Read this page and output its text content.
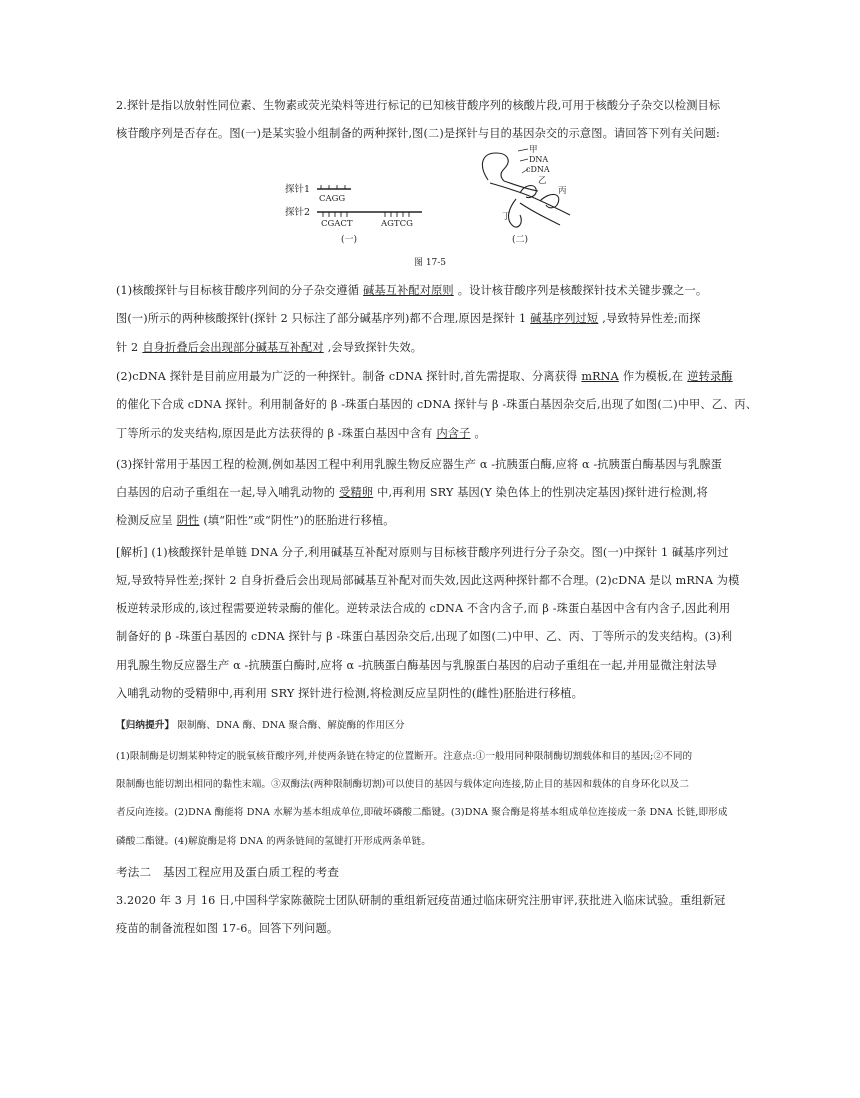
2.探针是指以放射性同位素、生物素或荧光染料等进行标记的已知核苷酸序列的核酸片段,可用于核酸分子杂交以检测目标
核苷酸序列是否存在。图(一)是某实验小组制备的两种探针,图(二)是探针与目的基因杂交的示意图。请回答下列有关问题:
探针1
CAGG
探针2
CGACT	AGTCG
(一)
甲
DNA
cDNA
乙
丙
丁
(二)
图 17-5
(1)核酸探针与目标核苷酸序列间的分子杂交遵循 碱基互补配对原则 。设计核苷酸序列是核酸探针技术关键步骤之一。
图(一)所示的两种核酸探针(探针 2 只标注了部分碱基序列)都不合理,原因是探针 1 碱基序列过短 ,导致特异性差;而探
针 2 自身折叠后会出现部分碱基互补配对 ,会导致探针失效。
(2)cDNA 探针是目前应用最为广泛的一种探针。制备 cDNA 探针时,首先需提取、分离获得 mRNA 作为模板,在 逆转录酶
的催化下合成 cDNA 探针。利用制备好的 β -珠蛋白基因的 cDNA 探针与 β -珠蛋白基因杂交后,出现了如图(二)中甲、乙、丙、
丁等所示的发夹结构,原因是此方法获得的 β -珠蛋白基因中含有 内含子 。
(3)探针常用于基因工程的检测,例如基因工程中利用乳腺生物反应器生产 α -抗胰蛋白酶,应将 α -抗胰蛋白酶基因与乳腺蛋
白基因的启动子重组在一起,导入哺乳动物的 受精卵 中,再利用 SRY 基因(Y 染色体上的性别决定基因)探针进行检测,将
检测反应呈 阴性 (填“阳性”或“阴性”)的胚胎进行移植。
[解析] (1)核酸探针是单链 DNA 分子,利用碱基互补配对原则与目标核苷酸序列进行分子杂交。图(一)中探针 1 碱基序列过
短,导致特异性差;探针 2 自身折叠后会出现局部碱基互补配对而失效,因此这两种探针都不合理。(2)cDNA 是以 mRNA 为模
板逆转录形成的,该过程需要逆转录酶的催化。逆转录法合成的 cDNA 不含内含子,而 β -珠蛋白基因中含有内含子,因此利用
制备好的 β -珠蛋白基因的 cDNA 探针与 β -珠蛋白基因杂交后,出现了如图(二)中甲、乙、丙、丁等所示的发夹结构。(3)利
用乳腺生物反应器生产 α -抗胰蛋白酶时,应将 α -抗胰蛋白酶基因与乳腺蛋白基因的启动子重组在一起,并用显微注射法导
入哺乳动物的受精卵中,再利用 SRY 探针进行检测,将检测反应呈阴性的(雌性)胚胎进行移植。
【归纳提升】 限制酶、DNA 酶、DNA 聚合酶、解旋酶的作用区分
(1)限制酶是切割某种特定的脱氧核苷酸序列,并使两条链在特定的位置断开。注意点:①一般用同种限制酶切割载体和目的基因;②不同的
限制酶也能切割出相同的黏性末端。③双酶法(两种限制酶切割)可以使目的基因与载体定向连接,防止目的基因和载体的自身环化以及二
者反向连接。(2)DNA 酶能将 DNA 水解为基本组成单位,即破坏磷酸二酯键。(3)DNA 聚合酶是将基本组成单位连接成一条 DNA 长链,即形成
磷酸二酯键。(4)解旋酶是将 DNA 的两条链间的氢键打开形成两条单链。
考法二　基因工程应用及蛋白质工程的考查
3.2020 年 3 月 16 日,中国科学家陈薇院士团队研制的重组新冠疫苗通过临床研究注册审评,获批进入临床试验。重组新冠
疫苗的制备流程如图 17-6。回答下列问题。
